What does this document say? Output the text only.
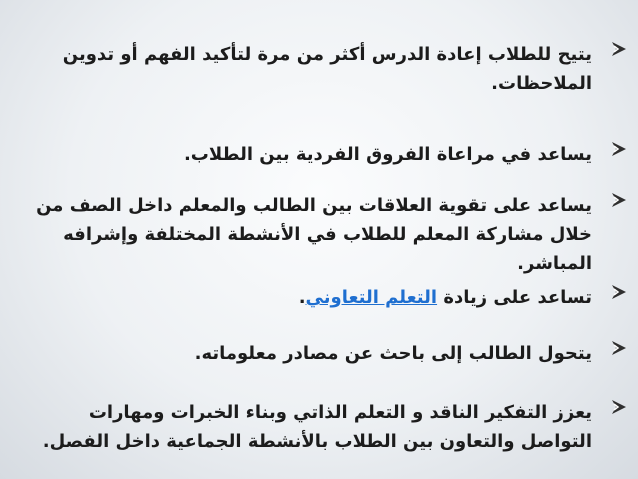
يتيح للطلاب إعادة الدرس أكثر من مرة لتأكيد الفهم أو تدوين الملاحظات.
يساعد في مراعاة الفروق الفردية بين الطلاب.
يساعد على تقوية العلاقات بين الطالب والمعلم داخل الصف من خلال مشاركة المعلم للطلاب في الأنشطة المختلفة وإشرافه المباشر.
تساعد على زيادة التعلم التعاوني.
يتحول الطالب إلى باحث عن مصادر معلوماته.
يعزز التفكير الناقد و التعلم الذاتي وبناء الخبرات ومهارات التواصل والتعاون بين الطلاب بالأنشطة الجماعية داخل الفصل.
